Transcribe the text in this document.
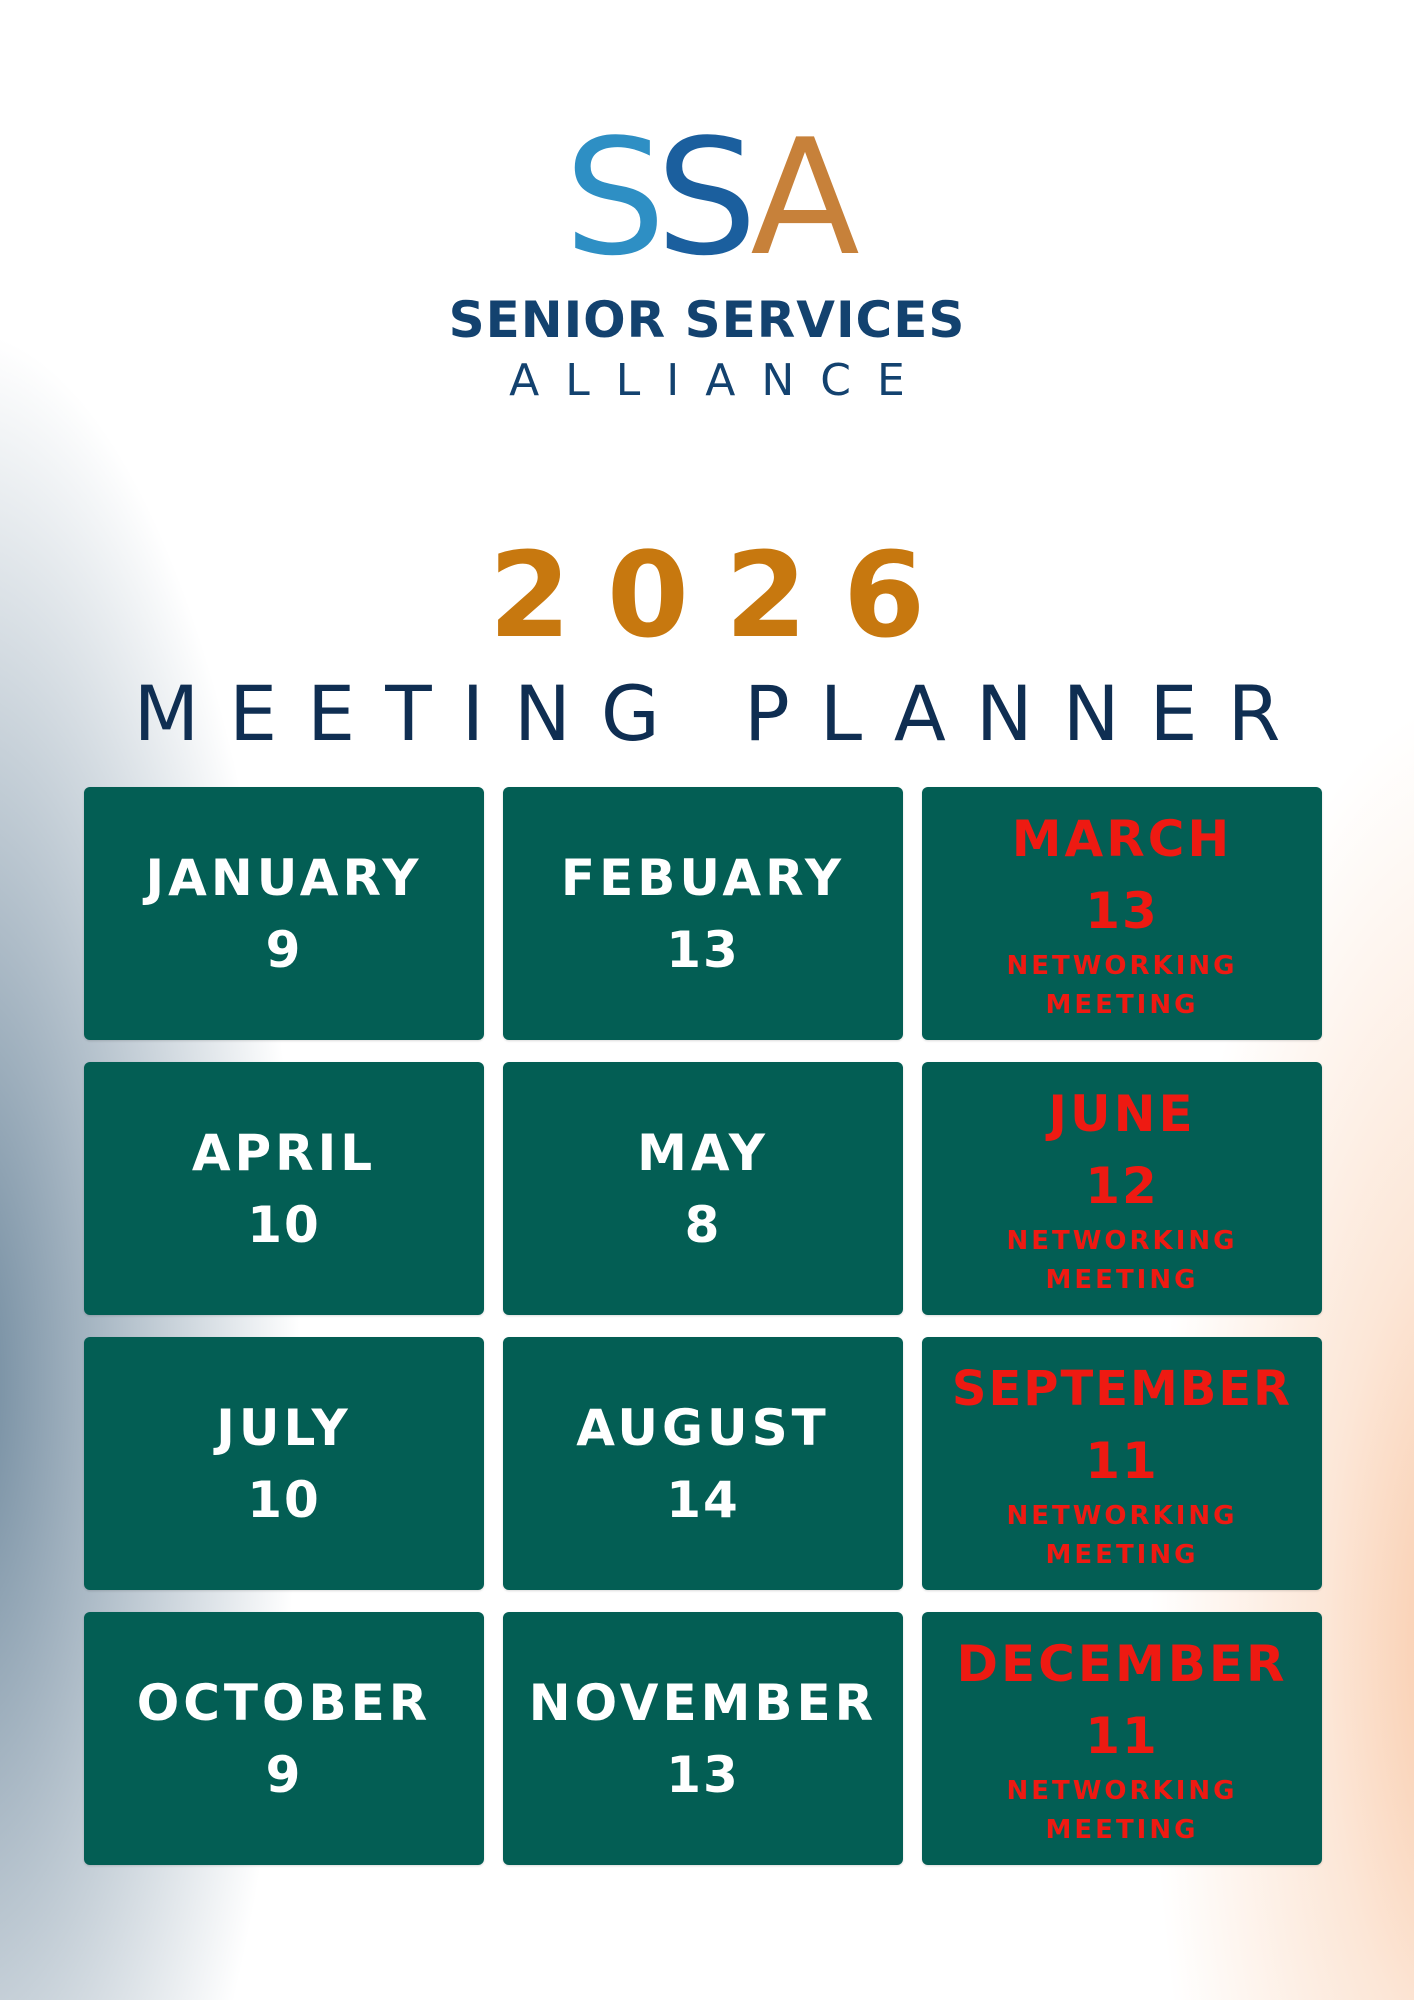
SSA
SENIOR SERVICES
ALLIANCE
2026
MEETING PLANNER
JANUARY
9
FEBUARY
13
MARCH
13
NETWORKING MEETING
APRIL
10
MAY
8
JUNE
12
NETWORKING MEETING
JULY
10
AUGUST
14
SEPTEMBER
11
NETWORKING MEETING
OCTOBER
9
NOVEMBER
13
DECEMBER
11
NETWORKING MEETING
